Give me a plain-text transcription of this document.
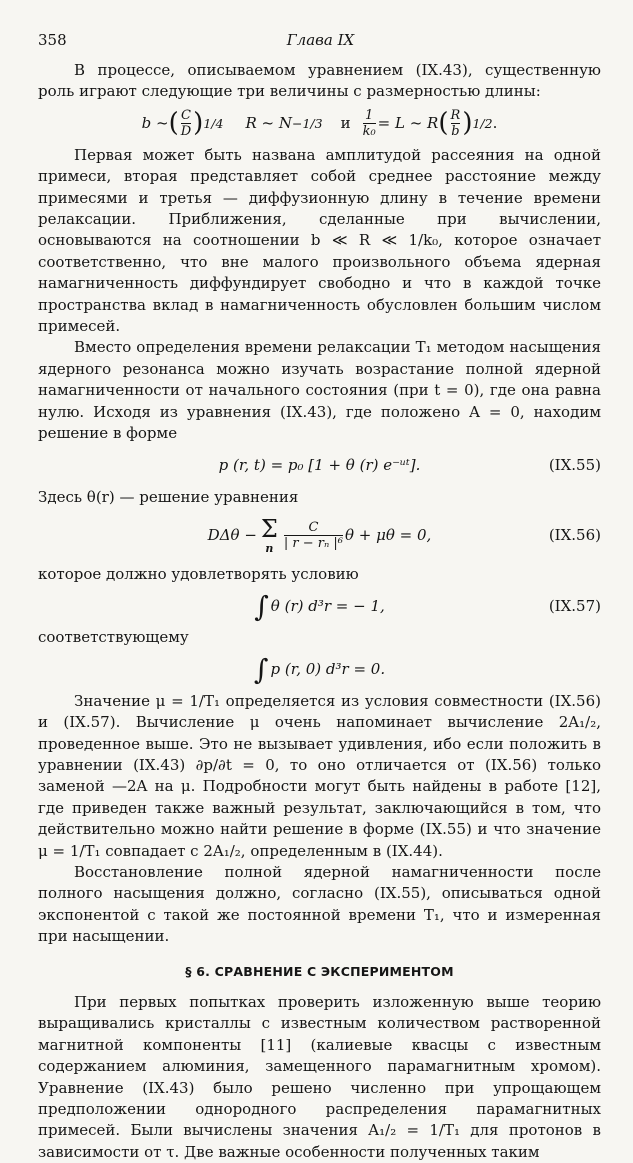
358	Глава IX

В процессе, описываемом уравнением (IX.43), существенную роль играют следующие три величины с размерностью длины:

b ~ ( $\frac{C}{D}$ ) 1/4 R ~ N −1/3 и $\frac{1}{\text{k₀}} = L$ ~ R ( $\frac{R}{b}$ ) 1/2 .

Первая может быть названа амплитудой рассеяния на одной примеси, вторая представляет собой среднее расстояние между примесями и третья — диффузионную длину в течение времени релаксации. Приближения, сделанные при вычислении, основываются на соотношении b ≪ R ≪ 1/k₀, которое означает соответственно, что вне малого произвольного объема ядерная намагниченность диффундирует свободно и что в каждой точке пространства вклад в намагниченность обусловлен большим числом примесей.

Вместо определения времени релаксации T₁ методом насыщения ядерного резонанса можно изучать возрастание полной ядерной намагниченности от начального состояния (при t = 0), где она равна нулю. Исходя из уравнения (IX.43), где положено A = 0, находим решение в форме

p (r, t) = p₀ [1 + θ (r) e⁻ᵘᵗ].	(IX.55)

Здесь θ(r) — решение уравнения

DΔθ − Σ
n $\frac{C}{\text{| r − rₙ |⁶}}$ θ + μθ = 0,	(IX.56)

которое должно удовлетворять условию

∫ θ (r) d³r = − 1,	(IX.57)

соответствующему

∫ p (r, 0) d³r = 0.

Значение μ = 1/T₁ определяется из условия совместности (IX.56) и (IX.57). Вычисление μ очень напоминает вычисление 2A₁/₂, проведенное выше. Это не вызывает удивления, ибо если положить в уравнении (IX.43) ∂p/∂t = 0, то оно отличается от (IX.56) только заменой —2A на μ. Подробности могут быть найдены в работе [12], где приведен также важный результат, заключающийся в том, что действительно можно найти решение в форме (IX.55) и что значение μ = 1/T₁ совпадает с 2A₁/₂, определенным в (IX.44).

Восстановление полной ядерной намагниченности после полного насыщения должно, согласно (IX.55), описываться одной экспонентой с такой же постоянной времени T₁, что и измеренная при насыщении.

§ 6. СРАВНЕНИЕ С ЭКСПЕРИМЕНТОМ

При первых попытках проверить изложенную выше теорию выращивались кристаллы с известным количеством растворенной магнитной компоненты [11] (калиевые квасцы с известным содержанием алюминия, замещенного парамагнитным хромом). Уравнение (IX.43) было решено численно при упрощающем предположении однородного распределения парамагнитных примесей. Были вычислены значения A₁/₂ = 1/T₁ для протонов в зависимости от τ. Две важные особенности полученных таким
